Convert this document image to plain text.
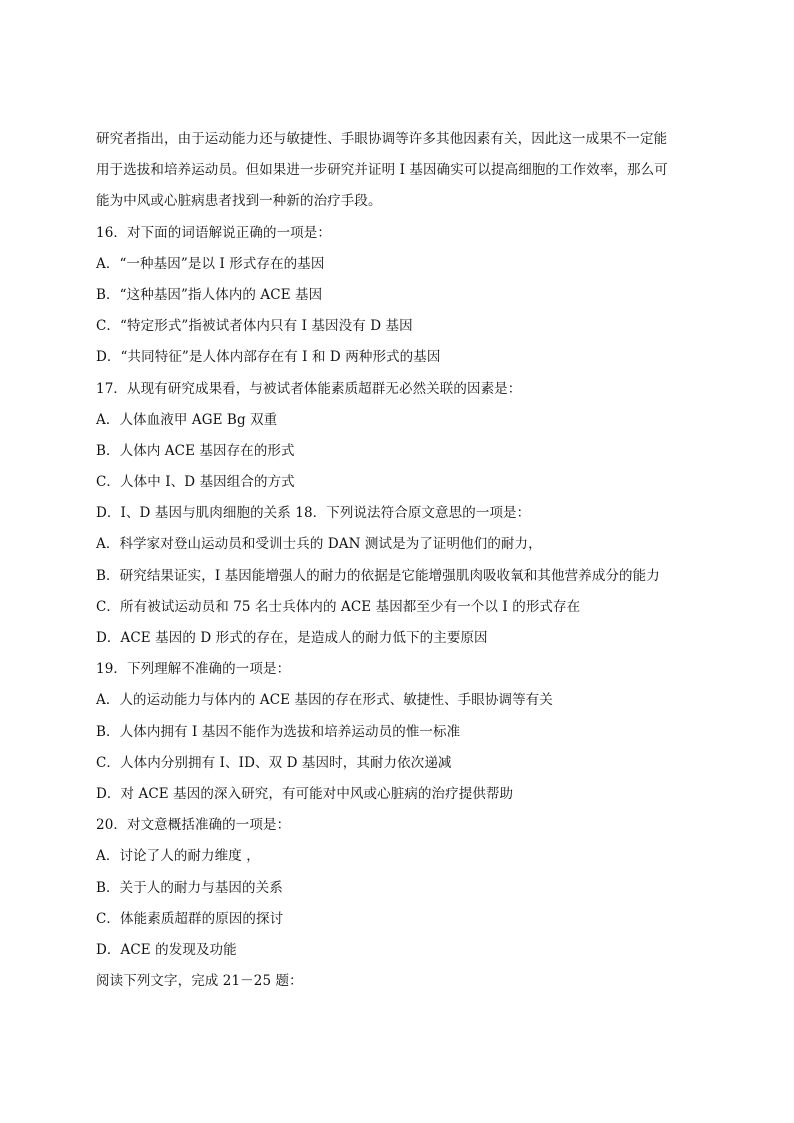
研究者指出，由于运动能力还与敏捷性、手眼协调等许多其他因素有关，因此这一成果不一定能
用于选拔和培养运动员。但如果进一步研究并证明 I 基因确实可以提高细胞的工作效率，那么可
能为中风或心脏病患者找到一种新的治疗手段。
16．对下面的词语解说正确的一项是：
A．“一种基因”是以 I 形式存在的基因
B．“这种基因”指人体内的 ACE 基因
C．“特定形式”指被试者体内只有 I 基因没有 D 基因
D．“共同特征”是人体内部存在有 I 和 D 两种形式的基因
17．从现有研究成果看，与被试者体能素质超群无必然关联的因素是：
A．人体血液甲 AGE Bg 双重
B．人体内 ACE 基因存在的形式
C．人体中 I、D 基因组合的方式
D．I、D 基因与肌肉细胞的关系 18．下列说法符合原文意思的一项是：
A．科学家对登山运动员和受训士兵的 DAN 测试是为了证明他们的耐力，
B．研究结果证实，I 基因能增强人的耐力的依据是它能增强肌肉吸收氧和其他营养成分的能力
C．所有被试运动员和 75 名士兵体内的 ACE 基因都至少有一个以 I 的形式存在
D．ACE 基因的 D 形式的存在，是造成人的耐力低下的主要原因
19．下列理解不准确的一项是：
A．人的运动能力与体内的 ACE 基因的存在形式、敏捷性、手眼协调等有关
B．人体内拥有 I 基因不能作为选拔和培养运动员的惟一标准
C．人体内分别拥有 I、ID、双 D 基因时，其耐力依次递减
D．对 ACE 基因的深入研究，有可能对中风或心脏病的治疗提供帮助
20．对文意概括准确的一项是：
A．讨论了人的耐力维度 ，
B．关于人的耐力与基因的关系
C．体能素质超群的原因的探讨
D．ACE 的发现及功能
阅读下列文字，完成 21－25 题：
